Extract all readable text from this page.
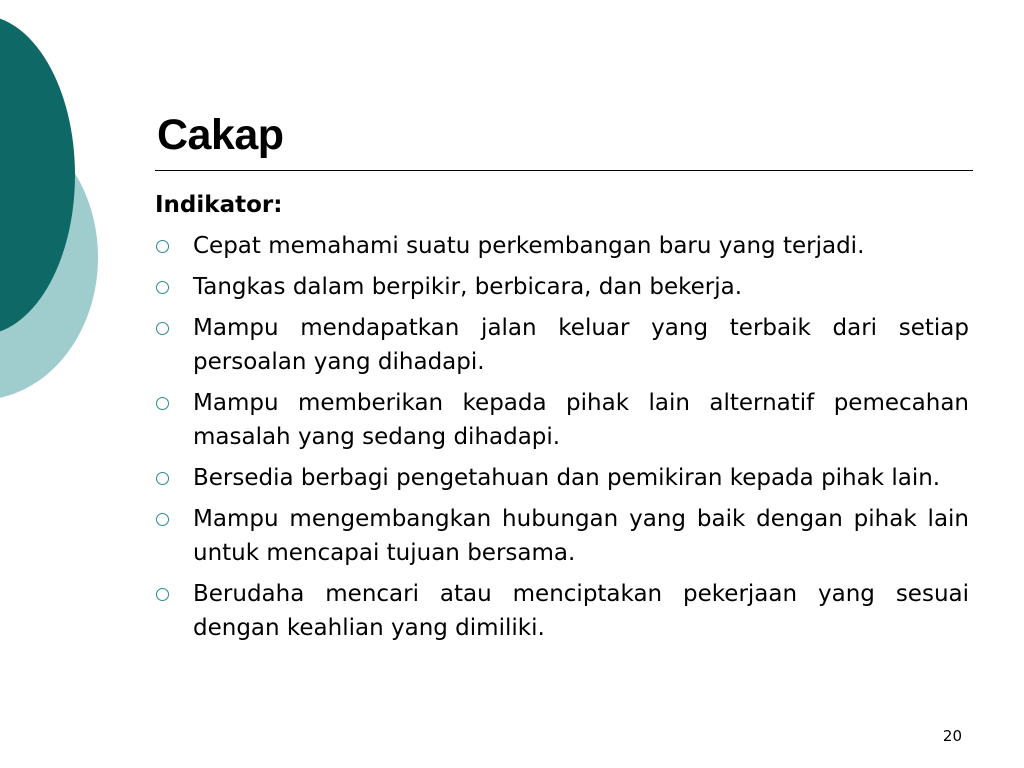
Cakap
Indikator:
Cepat memahami suatu perkembangan baru yang terjadi.
Tangkas dalam berpikir, berbicara, dan bekerja.
Mampu mendapatkan jalan keluar yang terbaik dari setiap persoalan yang dihadapi.
Mampu memberikan kepada pihak lain alternatif pemecahan masalah yang sedang dihadapi.
Bersedia berbagi pengetahuan dan pemikiran kepada pihak lain.
Mampu mengembangkan hubungan yang baik dengan pihak lain untuk mencapai tujuan bersama.
Berudaha mencari atau menciptakan pekerjaan yang sesuai dengan keahlian yang dimiliki.
20
